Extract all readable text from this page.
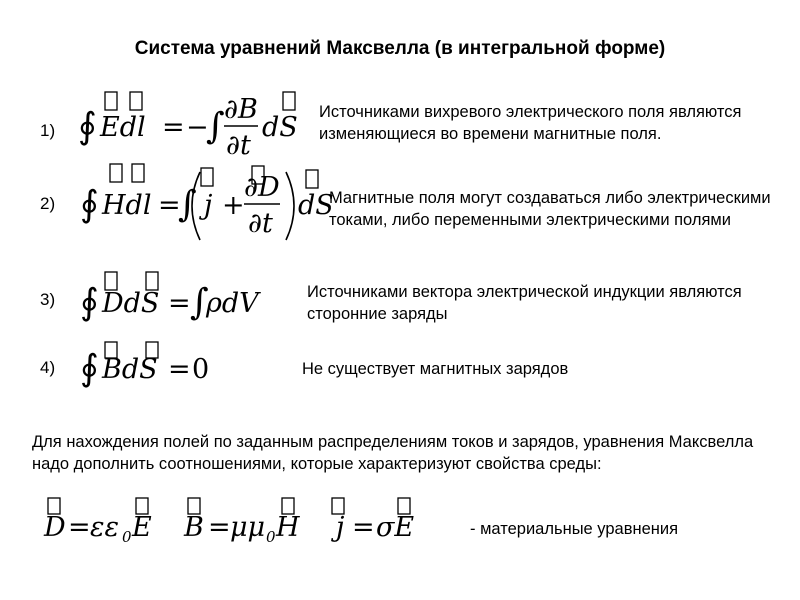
Система уравнений Максвелла (в интегральной форме)
1) ∮ Edl = −
∫ ∂B
∂t
dS Источниками вихревого электрического поля являются изменяющиеся во времени магнитные поля.
2) ∮ Hdl =
∫ j +
∂D
∂t
dS
Магнитные поля могут создаваться либо электрическими токами, либо переменными электрическими полями
3) ∮ DdS = ∫
ρdV	Источниками вектора электрической индукции являются сторонние заряды
4) ∮ BdS = 0	Не существует магнитных зарядов
Для нахождения полей по заданным распределениям токов и зарядов, уравнения Максвелла надо дополнить соотношениями, которые характеризуют свойства среды:
D = εε 0 E B = μμ 0 H j = σE	- материальные уравнения
